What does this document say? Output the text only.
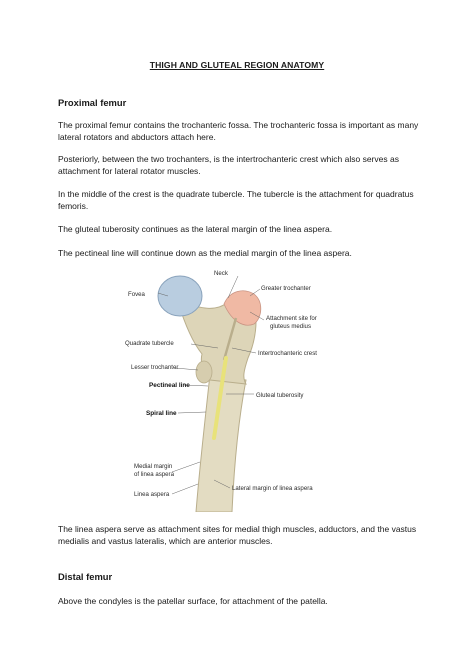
THIGH AND GLUTEAL REGION ANATOMY
Proximal femur
The proximal femur contains the trochanteric fossa. The trochanteric fossa is important as many lateral rotators and abductors attach here.
Posteriorly, between the two trochanters, is the intertrochanteric crest which also serves as attachment for lateral rotator muscles.
In the middle of the crest is the quadrate tubercle. The tubercle is the attachment for quadratus femoris.
The gluteal tuberosity continues as the lateral margin of the linea aspera.
The pectineal line will continue down as the medial margin of the linea aspera.
Neck
Fovea
Greater trochanter
Attachment site for
gluteus medius
Quadrate tubercle
Intertrochanteric crest
Lesser trochanter
Pectineal line
Gluteal tuberosity
Spiral line
Medial margin
of linea aspera
Lateral margin of linea aspera
Linea aspera
The linea aspera serve as attachment sites for medial thigh muscles, adductors, and the vastus medialis and vastus lateralis, which are anterior muscles.
Distal femur
Above the condyles is the patellar surface, for attachment of the patella.
